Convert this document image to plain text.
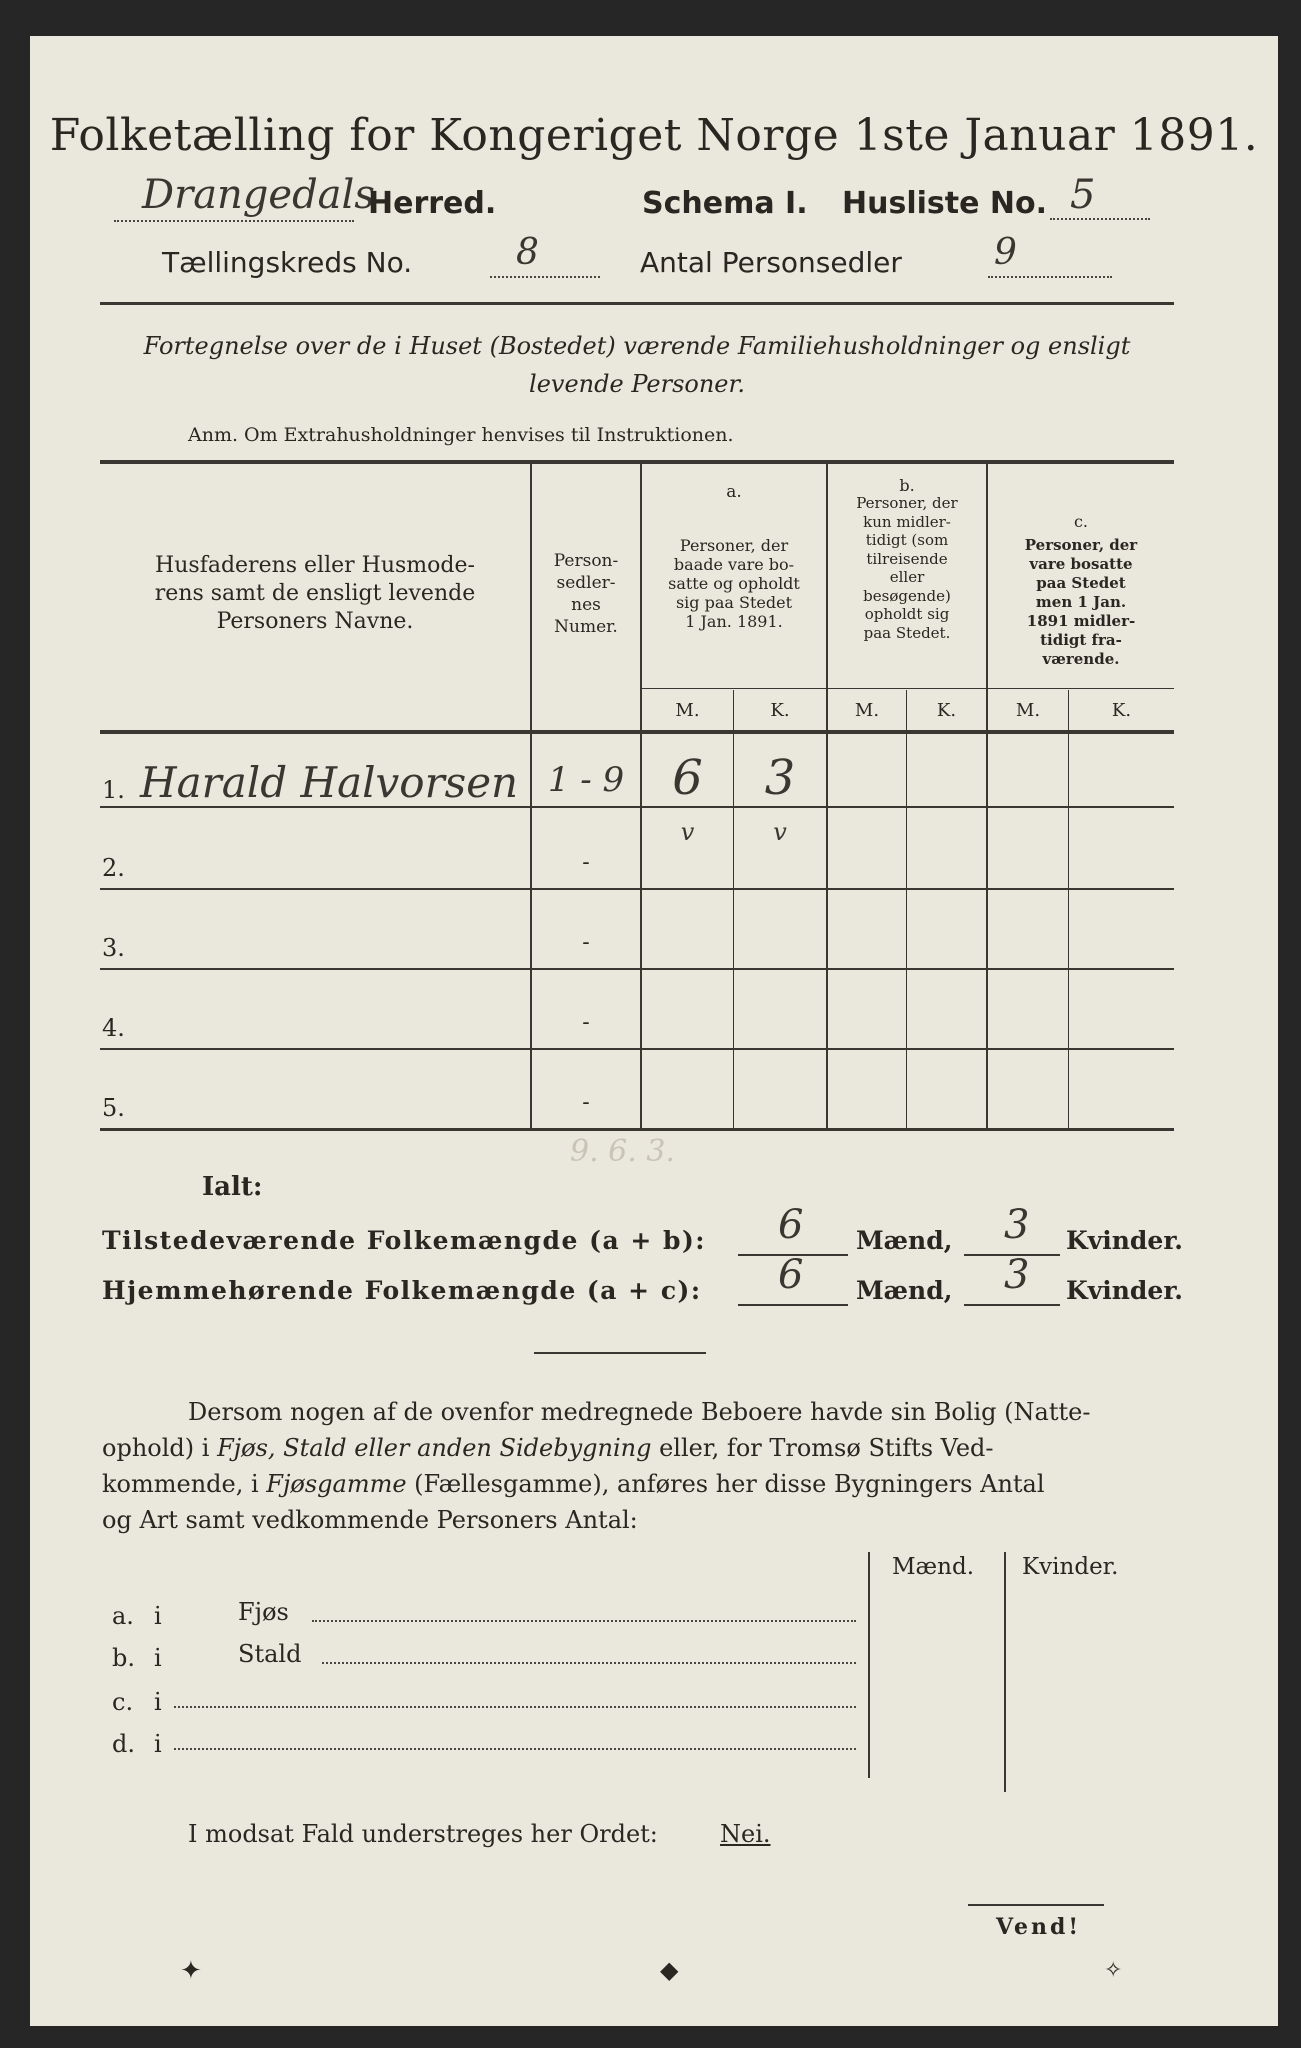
Folketælling for Kongeriget Norge 1ste Januar 1891.
Drangedals
Herred.	Schema I. Husliste No. 5
Tællingskreds No.	8	Antal Personsedler	9
Fortegnelse over de i Huset (Bostedet) værende Familiehusholdninger og ensligt
levende Personer.
Anm. Om Extrahusholdninger henvises til Instruktionen.
Husfaderens eller Husmode-
rens samt de ensligt levende
Personers Navne.
Person-
sedler-
nes
Numer.
a.
Personer, der
baade vare bo-
satte og opholdt
sig paa Stedet
1 Jan. 1891.
b.
Personer, der
kun midler-
tidigt (som
tilreisende
eller
besøgende)
opholdt sig
paa Stedet.
c.
Personer, der
vare bosatte
paa Stedet
men 1 Jan.
1891 midler-
tidigt fra-
værende.
M.	K.	M.	K.	M.	K.
1. Harald Halvorsen 1 - 9	6	3
v	v
2.	-
3.	-
4.	-
5.	-
Ialt:
9. 6. 3.
Tilstedeværende Folkemængde (a + b): 6 Mænd, 3 Kvinder.
Hjemmehørende Folkemængde (a + c): 6 Mænd, 3 Kvinder.
Dersom nogen af de ovenfor medregnede Beboere havde sin Bolig (Natte-
ophold) i Fjøs, Stald eller anden Sidebygning eller, for Tromsø Stifts Ved-
kommende, i Fjøsgamme (Fællesgamme), anføres her disse Bygningers Antal
og Art samt vedkommende Personers Antal:
Mænd. Kvinder.
a. i	Fjøs
b. i	Stald
c. i
d. i
I modsat Fald understreges her Ordet:	Nei.
Vend!
✦	◆	✧
